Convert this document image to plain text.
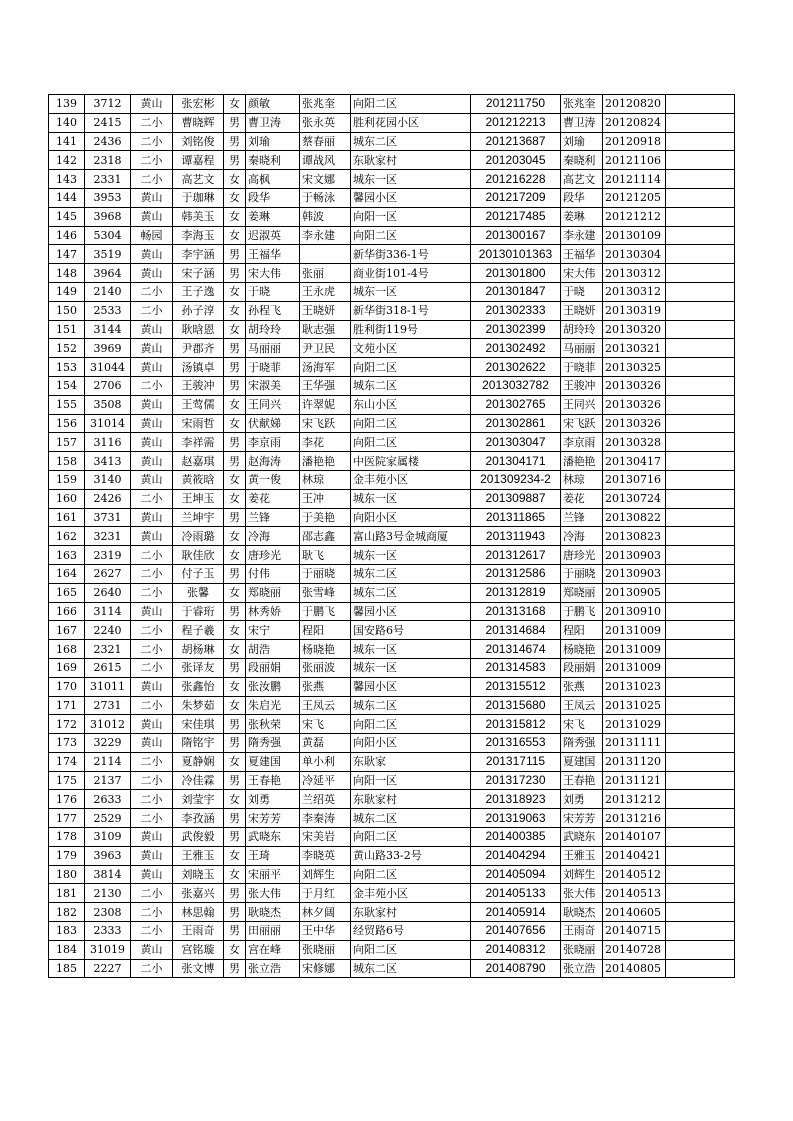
139	3712	黄山	张宏彬	女	颜敏	张兆奎	向阳二区	201211750	张兆奎	20120820	
140	2415	二小	曹晓辉	男	曹卫涛	张永英	胜利花园小区	201212213	曹卫涛	20120824	
141	2436	二小	刘铭俊	男	刘瑜	蔡春丽	城东二区	201213687	刘瑜	20120918	
142	2318	二小	谭嘉程	男	秦晓利	谭战风	东耿家村	201203045	秦晓利	20121106	
143	2331	二小	高艺文	女	高枫	宋文娜	城东一区	201216228	高艺文	20121114	
144	3953	黄山	于珈琳	女	段华	于畅泳	馨园小区	201217209	段华	20121205	
145	3968	黄山	韩美玉	女	姜琳	韩波	向阳一区	201217485	姜琳	20121212	
146	5304	畅园	李海玉	女	迟淑英	李永建	向阳二区	201300167	李永建	20130109	
147	3519	黄山	李宇涵	男	王福华		新华街336-1号	20130101363	王福华	20130304	
148	3964	黄山	宋子涵	男	宋大伟	张丽	商业街101-4号	201301800	宋大伟	20130312	
149	2140	二小	王子逸	女	于晓	王永虎	城东一区	201301847	于晓	20130312	
150	2533	二小	孙子淳	女	孙程飞	王晓妍	新华街318-1号	201302333	王晓妍	20130319	
151	3144	黄山	耿晗恩	女	胡玲玲	耿志强	胜利街119号	201302399	胡玲玲	20130320	
152	3969	黄山	尹郡齐	男	马丽丽	尹卫民	文苑小区	201302492	马丽丽	20130321	
153	31044	黄山	汤镇卓	男	于晓菲	汤海军	向阳二区	201302622	于晓菲	20130325	
154	2706	二小	王骏冲	男	宋淑美	王华强	城东二区	2013032782	王骏冲	20130326	
155	3508	黄山	王莺儒	女	王同兴	许翠妮	东山小区	201302765	王同兴	20130326	
156	31014	黄山	宋雨哲	女	伏献娣	宋飞跃	向阳二区	201302861	宋飞跃	20130326	
157	3116	黄山	李祥需	男	李京雨	李花	向阳二区	201303047	李京雨	20130328	
158	3413	黄山	赵嘉琪	男	赵海涛	潘艳艳	中医院家属楼	201304171	潘艳艳	20130417	
159	3140	黄山	黄筱晗	女	黄一俊	林琼	金丰苑小区	201309234-2	林琼	20130716	
160	2426	二小	王坤玉	女	姜花	王冲	城东一区	201309887	姜花	20130724	
161	3731	黄山	兰坤宇	男	兰锋	于美艳	向阳小区	201311865	兰锋	20130822	
162	3231	黄山	冷雨璐	女	冷海	邵志鑫	富山路3号金城商厦	201311943	冷海	20130823	
163	2319	二小	耿佳欣	女	唐珍光	耿飞	城东一区	201312617	唐珍光	20130903	
164	2627	二小	付子玉	男	付伟	于丽晓	城东二区	201312586	于丽晓	20130903	
165	2640	二小	张馨	女	郑晓丽	张雪峰	城东二区	201312819	郑晓丽	20130905	
166	3114	黄山	于睿珩	男	林秀娇	于鹏飞	馨园小区	201313168	于鹏飞	20130910	
167	2240	二小	程子羲	女	宋宁	程阳	国安路6号	201314684	程阳	20131009	
168	2321	二小	胡杨琳	女	胡浩	杨晓艳	城东一区	201314674	杨晓艳	20131009	
169	2615	二小	张译友	男	段丽娟	张丽波	城东一区	201314583	段丽娟	20131009	
170	31011	黄山	张鑫怡	女	张汝鹏	张燕	馨园小区	201315512	张燕	20131023	
171	2731	二小	朱梦茹	女	朱启光	王凤云	城东二区	201315680	王凤云	20131025	
172	31012	黄山	宋佳琪	男	张秋荣	宋飞	向阳二区	201315812	宋飞	20131029	
173	3229	黄山	隋铭宇	男	隋秀强	黄磊	向阳小区	201316553	隋秀强	20131111	
174	2114	二小	夏静娴	女	夏建国	单小利	东耿家	201317115	夏建国	20131120	
175	2137	二小	冷佳霖	男	王春艳	冷延平	向阳一区	201317230	王春艳	20131121	
176	2633	二小	刘莹宇	女	刘勇	兰绍英	东耿家村	201318923	刘勇	20131212	
177	2529	二小	李孜涵	男	宋芳芳	李秦涛	城东二区	201319063	宋芳芳	20131216	
178	3109	黄山	武俊毅	男	武晓东	宋美岩	向阳二区	201400385	武晓东	20140107	
179	3963	黄山	王雅玉	女	王琦	李晓英	黄山路33-2号	201404294	王雅玉	20140421	
180	3814	黄山	刘晓玉	女	宋丽平	刘辉生	向阳二区	201405094	刘辉生	20140512	
181	2130	二小	张嘉兴	男	张大伟	于月红	金丰苑小区	201405133	张大伟	20140513	
182	2308	二小	林思翰	男	耿晓杰	林夕阔	东耿家村	201405914	耿晓杰	20140605	
183	2333	二小	王雨奇	男	田丽丽	王中华	经贸路6号	201407656	王雨奇	20140715	
184	31019	黄山	宫铭璇	女	宫在峰	张晓丽	向阳二区	201408312	张晓丽	20140728	
185	2227	二小	张文博	男	张立浩	宋修娜	城东二区	201408790	张立浩	20140805	
